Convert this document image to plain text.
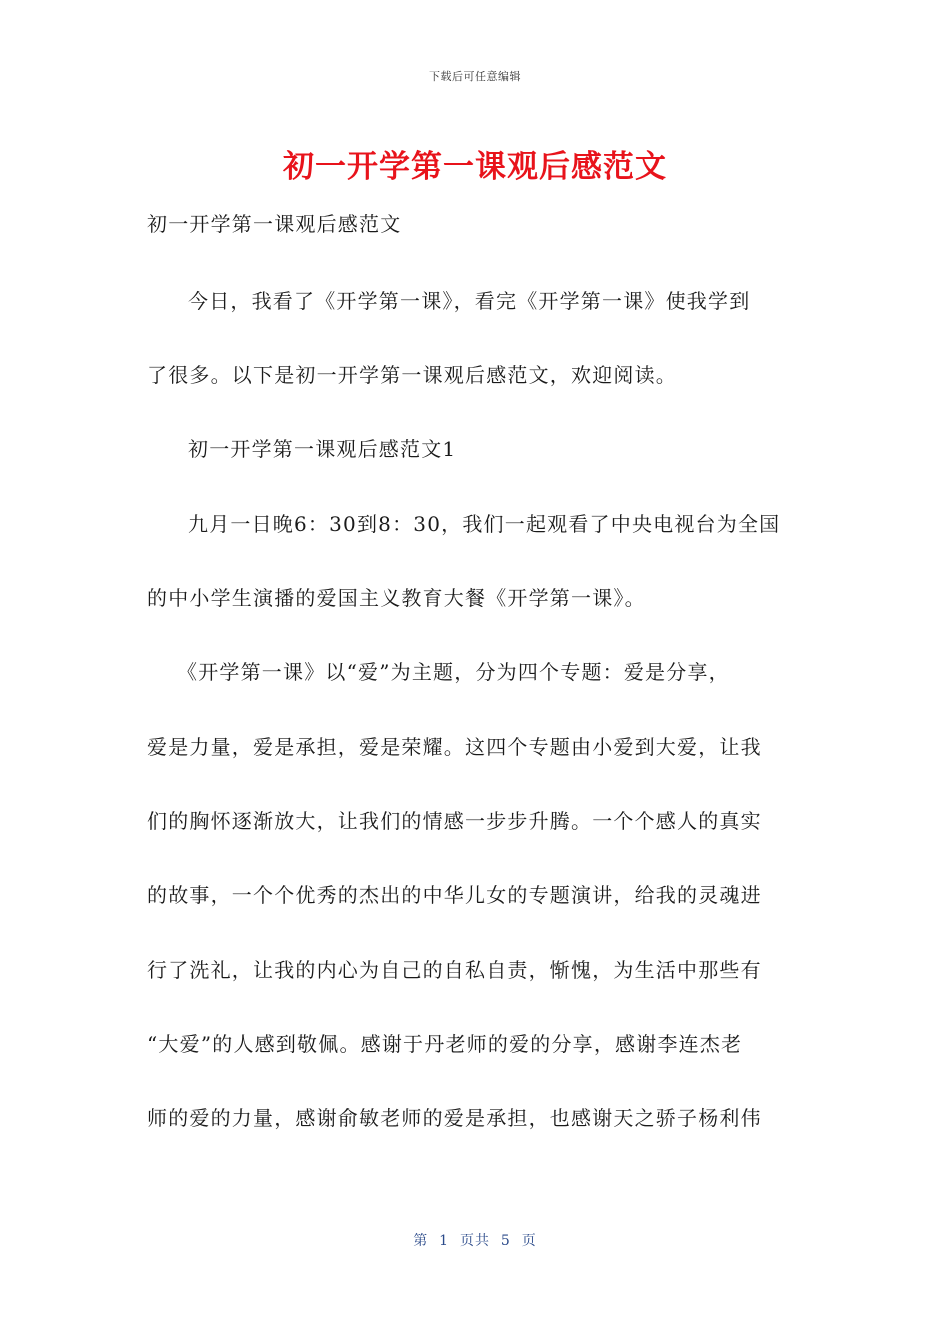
下载后可任意编辑
初一开学第一课观后感范文
初一开学第一课观后感范文
今日，我看了《开学第一课》，看完《开学第一课》使我学到
了很多。以下是初一开学第一课观后感范文，欢迎阅读。
初一开学第一课观后感范文1
九月一日晚6：30到8：30，我们一起观看了中央电视台为全国
的中小学生演播的爱国主义教育大餐《开学第一课》。
《开学第一课》以“爱”为主题，分为四个专题：爱是分享，
爱是力量，爱是承担，爱是荣耀。这四个专题由小爱到大爱，让我
们的胸怀逐渐放大，让我们的情感一步步升腾。一个个感人的真实
的故事，一个个优秀的杰出的中华儿女的专题演讲，给我的灵魂进
行了洗礼，让我的内心为自己的自私自责，惭愧，为生活中那些有
“大爱”的人感到敬佩。感谢于丹老师的爱的分享，感谢李连杰老
师的爱的力量，感谢俞敏老师的爱是承担，也感谢天之骄子杨利伟
第  1  页共  5  页
